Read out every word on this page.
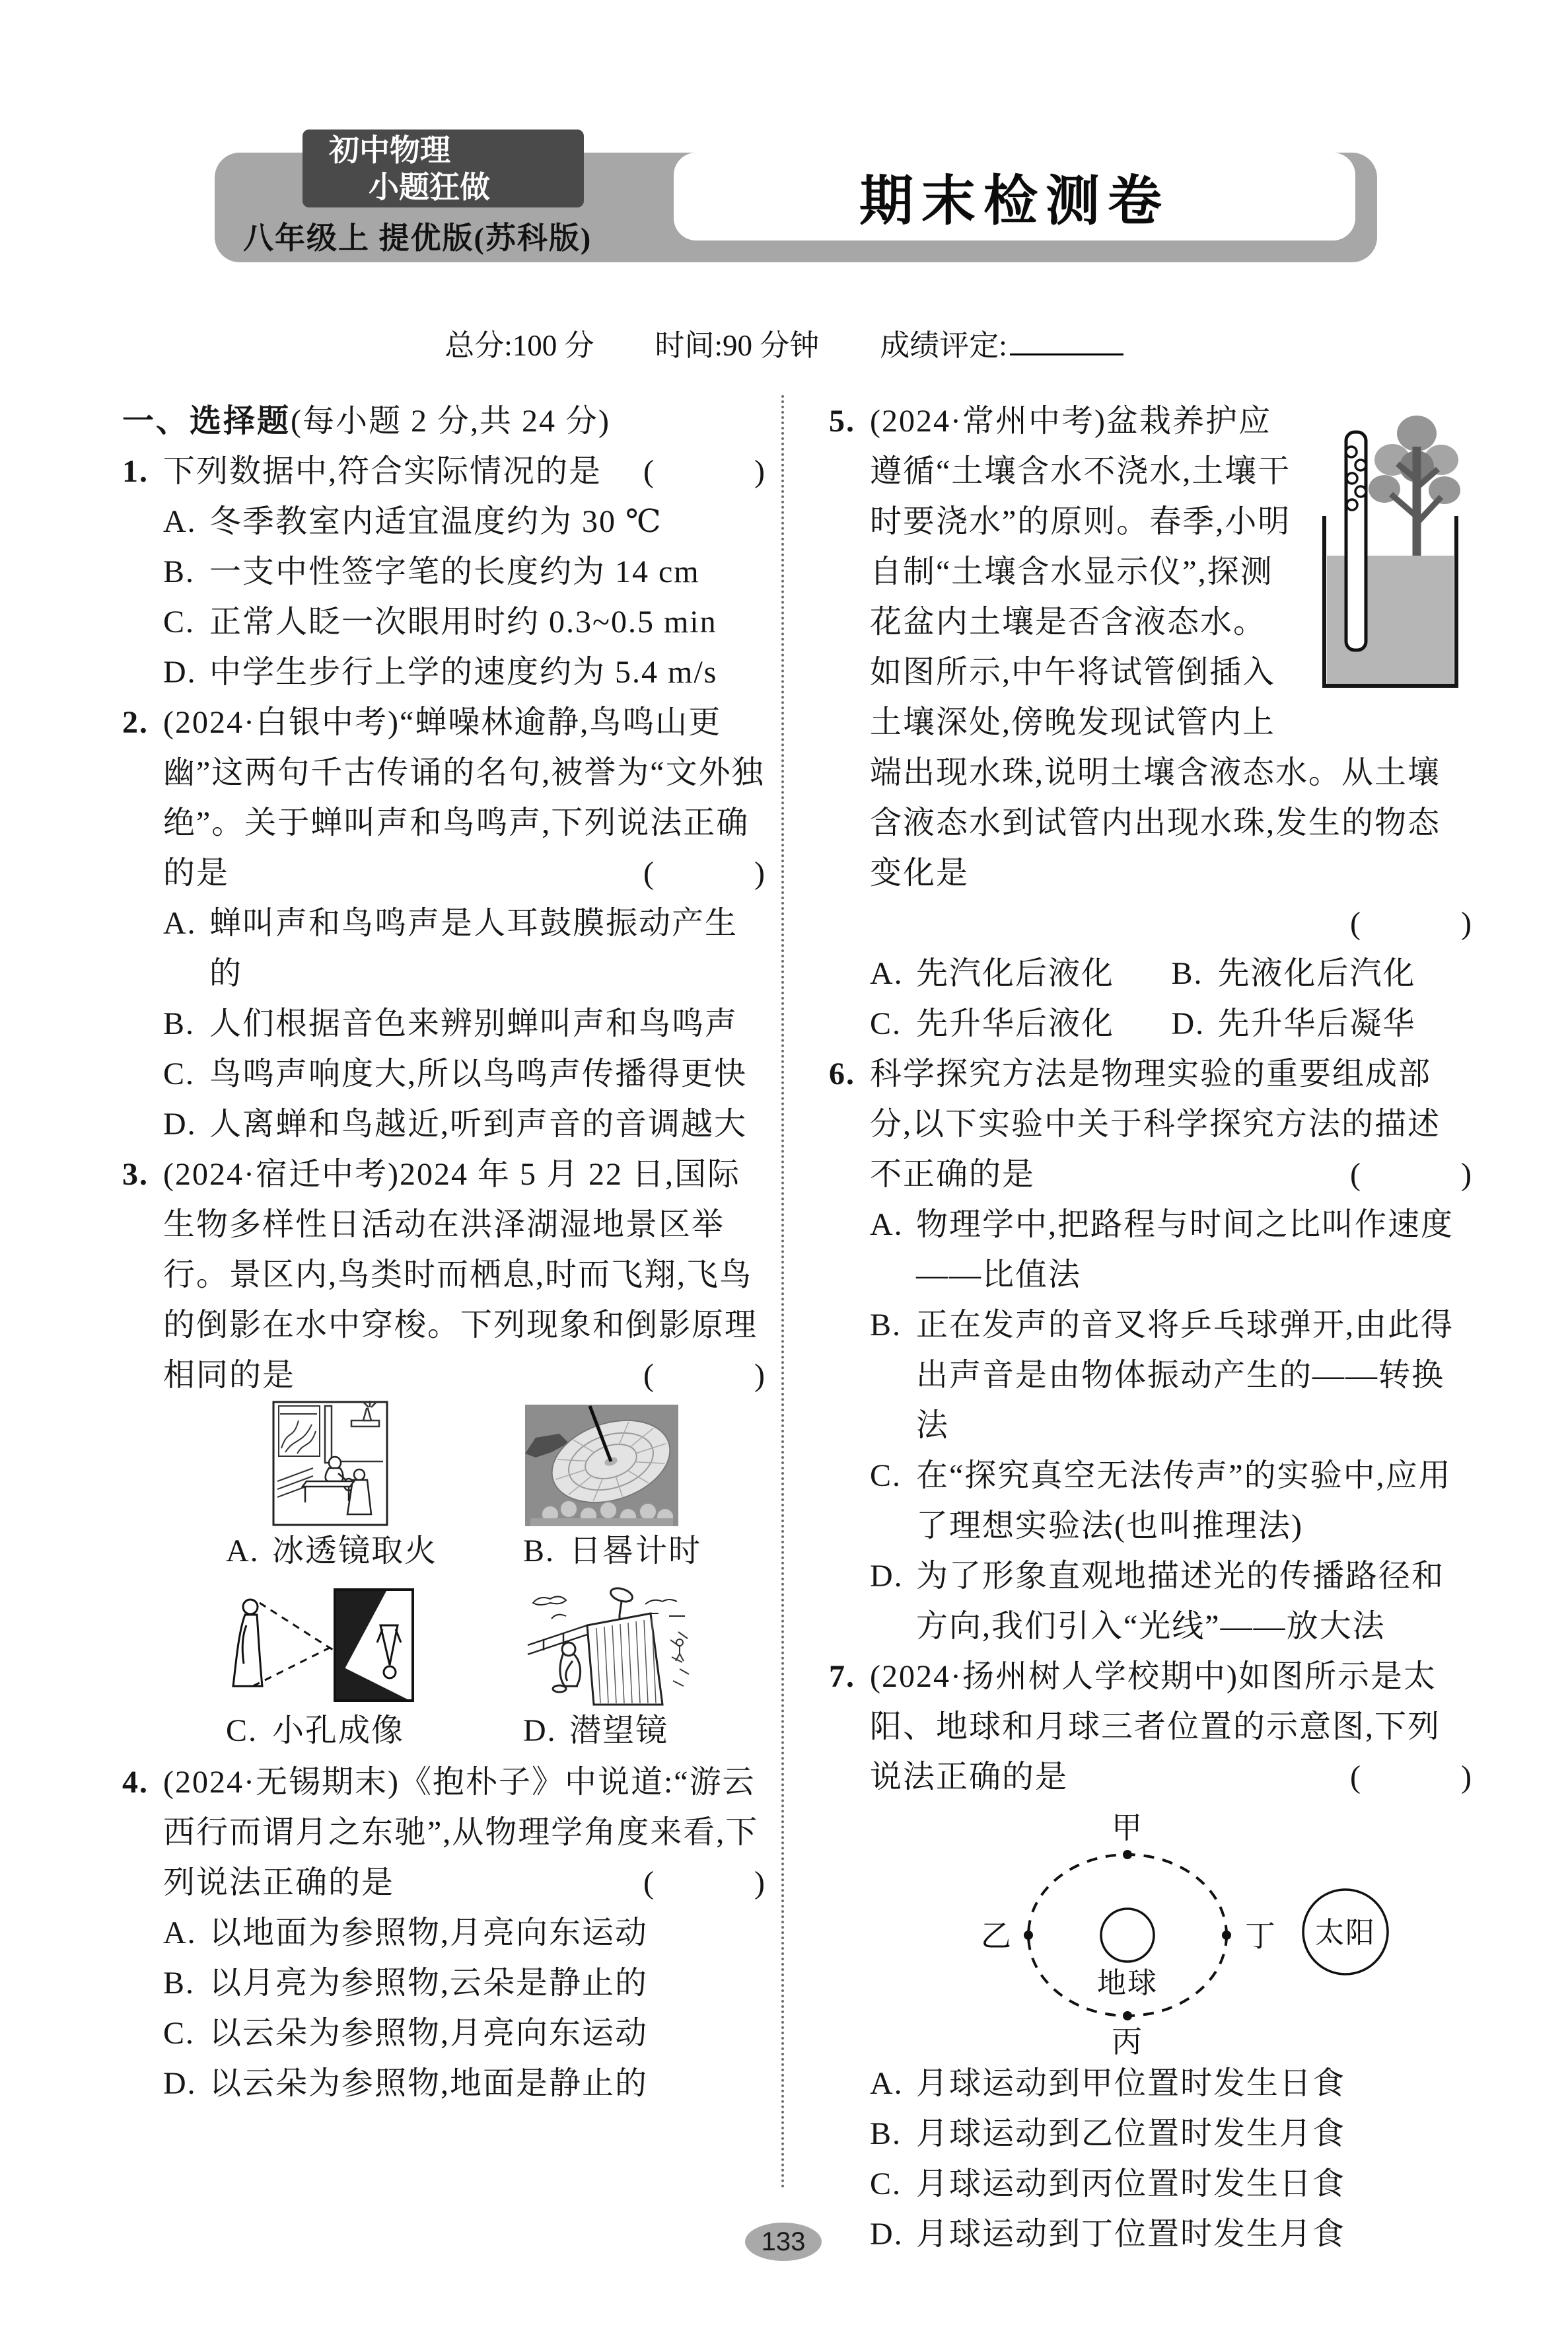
期末检测卷
初中物理
小题狂做
八年级上 提优版(苏科版)
总分:100 分 时间:90 分钟 成绩评定:
一、选择题(每小题 2 分,共 24 分)
1. 下列数据中,符合实际情况的是 (　　　)
A. 冬季教室内适宜温度约为 30 ℃
B. 一支中性签字笔的长度约为 14 cm
C. 正常人眨一次眼用时约 0.3~0.5 min
D. 中学生步行上学的速度约为 5.4 m/s
2. (2024·白银中考)“蝉噪林逾静,鸟鸣山更幽”这两句千古传诵的名句,被誉为“文外独绝”。关于蝉叫声和鸟鸣声,下列说法正确的是	(　　　)
A. 蝉叫声和鸟鸣声是人耳鼓膜振动产生的
B. 人们根据音色来辨别蝉叫声和鸟鸣声
C. 鸟鸣声响度大,所以鸟鸣声传播得更快
D. 人离蝉和鸟越近,听到声音的音调越大
3. (2024·宿迁中考)2024 年 5 月 22 日,国际生物多样性日活动在洪泽湖湿地景区举行。景区内,鸟类时而栖息,时而飞翔,飞鸟的倒影在水中穿梭。下列现象和倒影原理相同的是	(　　　)
A. 冰透镜取火	B. 日晷计时
C. 小孔成像	D. 潜望镜
4. (2024·无锡期末)《抱朴子》中说道:“游云西行而谓月之东驰”,从物理学角度来看,下列说法正确的是	(　　　)
A. 以地面为参照物,月亮向东运动
B. 以月亮为参照物,云朵是静止的
C. 以云朵为参照物,月亮向东运动
D. 以云朵为参照物,地面是静止的
5. (2024·常州中考)盆栽养护应遵循“土壤含水不浇水,土壤干时要浇水”的原则。春季,小明自制“土壤含水显示仪”,探测花盆内土壤是否含液态水。如图所示,中午将试管倒插入土壤深处,傍晚发现试管内上端出现水珠,说明土壤含液态水。从土壤含液态水到试管内出现水珠,发生的物态变化是
(　　　)
A. 先汽化后液化 B. 先液化后汽化
C. 先升华后液化 D. 先升华后凝华
6. 科学探究方法是物理实验的重要组成部分,以下实验中关于科学探究方法的描述不正确的是	(　　　)
A. 物理学中,把路程与时间之比叫作速度——比值法
B. 正在发声的音叉将乒乓球弹开,由此得出声音是由物体振动产生的——转换法
C. 在“探究真空无法传声”的实验中,应用了理想实验法(也叫推理法)
D. 为了形象直观地描述光的传播路径和方向,我们引入“光线”——放大法
7. (2024·扬州树人学校期中)如图所示是太阳、地球和月球三者位置的示意图,下列说法正确的是	(　　　)
甲
乙
丙
丁
地球
太阳
A. 月球运动到甲位置时发生日食
B. 月球运动到乙位置时发生月食
C. 月球运动到丙位置时发生日食
D. 月球运动到丁位置时发生月食
133
